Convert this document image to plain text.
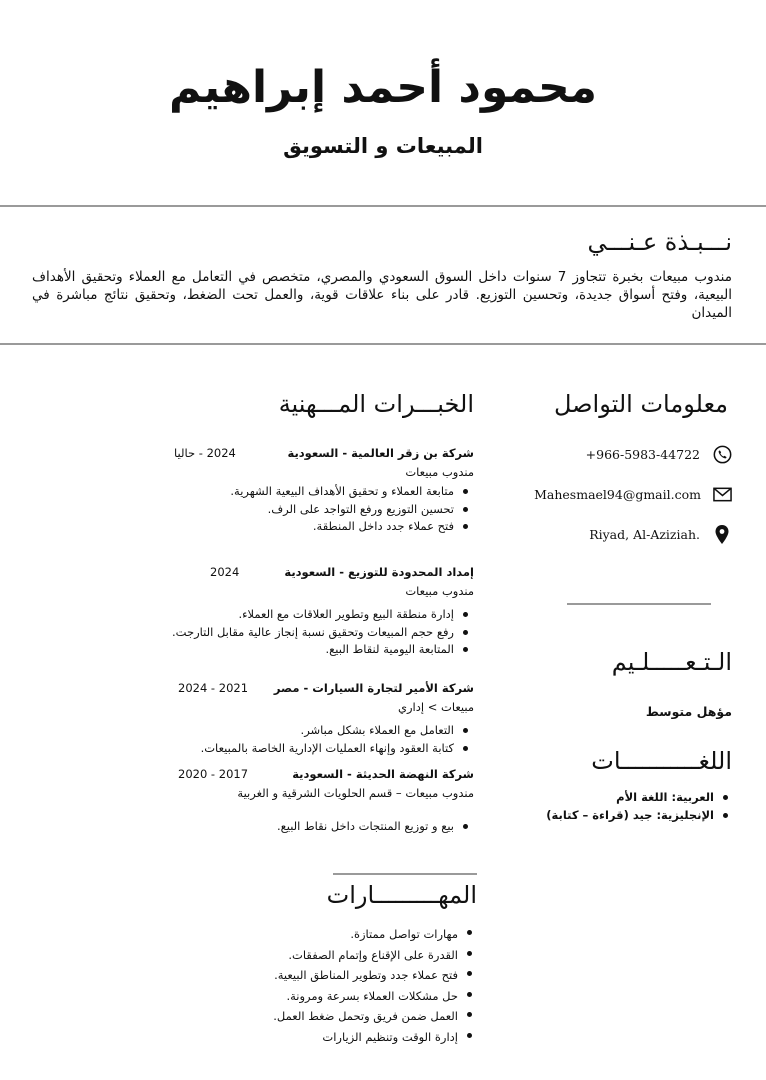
محمود أحمد إبراهيم
المبيعات و التسويق
نـــبـذة عـنـــي
مندوب مبيعات بخبرة تتجاوز 7 سنوات داخل السوق السعودي والمصري، متخصص في التعامل مع العملاء وتحقيق الأهداف البيعية، وفتح أسواق جديدة، وتحسين التوزيع. قادر على بناء علاقات قوية، والعمل تحت الضغط، وتحقيق نتائج مباشرة في الميدان
معلومات التواصل
+966-5983-44722
Mahesmael94@gmail.com
Riyad, Al-Aziziah.
الـتـعـــــلـيم
مؤهل متوسط
اللغـــــــــــات
العربية: اللغة الأم
الإنجليزية: جيد (قراءة – كتابة)
الخبـــرات المـــهنية
شركة بن زقر العالمية - السعودية
2024 - حاليا
مندوب مبيعات
متابعة العملاء و تحقيق الأهداف البيعية الشهرية.
تحسين التوزيع ورفع التواجد على الرف.
فتح عملاء جدد داخل المنطقة.
إمداد المحدودة للتوزيع - السعودية
2024
مندوب مبيعات
إدارة منطقة البيع وتطوير العلاقات مع العملاء.
رفع حجم المبيعات وتحقيق نسبة إنجاز عالية مقابل التارجت.
المتابعة اليومية لنقاط البيع.
شركة الأمير لتجارة السيارات - مصر
2021 - 2024
مبيعات > إداري
التعامل مع العملاء بشكل مباشر.
كتابة العقود وإنهاء العمليات الإدارية الخاصة بالمبيعات.
شركة النهضة الحديثة - السعودية
2017 - 2020
مندوب مبيعات – قسم الحلويات الشرقية و الغربية
بيع و توزيع المنتجات داخل نقاط البيع.
المهـــــــــارات
مهارات تواصل ممتازة.
القدرة على الإقناع وإتمام الصفقات.
فتح عملاء جدد وتطوير المناطق البيعية.
حل مشكلات العملاء بسرعة ومرونة.
العمل ضمن فريق وتحمل ضغط العمل.
إدارة الوقت وتنظيم الزيارات
